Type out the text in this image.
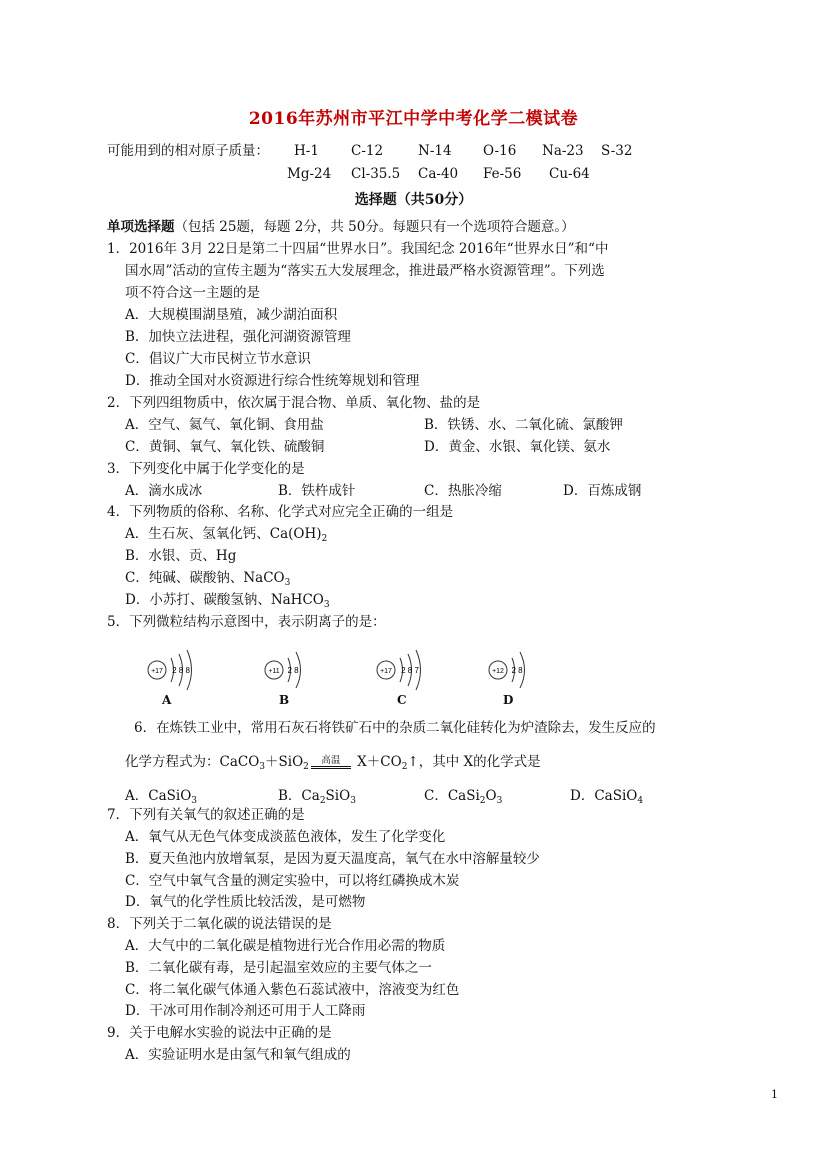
2016年苏州市平江中学中考化学二模试卷
可能用到的相对原子质量： H-1 C-12	N-14 O-16 Na-23 S-32
Mg-24 Cl-35.5 Ca-40 Fe-56 Cu-64
选择题（共50分）
单项选择题（包括 25题，每题 2分，共 50分。每题只有一个选项符合题意。）
1．2016年 3月 22日是第二十四届“世界水日”。我国纪念 2016年“世界水日”和“中
国水周”活动的宣传主题为“落实五大发展理念，推进最严格水资源管理”。下列选
项不符合这一主题的是
A．大规模围湖垦殖，减少湖泊面积
B．加快立法进程，强化河湖资源管理
C．倡议广大市民树立节水意识
D．推动全国对水资源进行综合性统筹规划和管理
2．下列四组物质中，依次属于混合物、单质、氧化物、盐的是
A．空气、氦气、氧化铜、食用盐	B．铁锈、水、二氧化硫、氯酸钾
C．黄铜、氧气、氧化铁、硫酸铜	D．黄金、水银、氧化镁、氨水
3．下列变化中属于化学变化的是
A．滴水成冰	B．铁杵成针	C．热胀冷缩	D．百炼成钢
4．下列物质的俗称、名称、化学式对应完全正确的一组是
A．生石灰、氢氧化钙、$Ca(OH)_2$
B．水银、贡、Hg
C．纯碱、碳酸钠、NaCO$_3$
D．小苏打、碳酸氢钠、NaHCO$_3$
5．下列微粒结构示意图中，表示阴离子的是：
+17 2 8 8
A
+11 2 8
B
+17 2 8 7
C
+12 2 8
D
6．在炼铁工业中，常用石灰石将铁矿石中的杂质二氧化硅转化为炉渣除去，发生反应的
化学方程式为：CaCO$_3$＋SiO$_2$
高温 $X+CO_2↑$，其中 X的化学式是
A．CaSiO$_3$	B．$Ca_2SiO_3$	C．$CaSi_2O_3$	D．CaSiO$_4$
7．下列有关氧气的叙述正确的是
A．氧气从无色气体变成淡蓝色液体，发生了化学变化
B．夏天鱼池内放增氧泵，是因为夏天温度高，氧气在水中溶解量较少
C．空气中氧气含量的测定实验中，可以将红磷换成木炭
D．氧气的化学性质比较活泼，是可燃物
8．下列关于二氧化碳的说法错误的是
A．大气中的二氧化碳是植物进行光合作用必需的物质
B．二氧化碳有毒，是引起温室效应的主要气体之一
C．将二氧化碳气体通入紫色石蕊试液中，溶液变为红色
D．干冰可用作制冷剂还可用于人工降雨
9．关于电解水实验的说法中正确的是
A．实验证明水是由氢气和氧气组成的
1
